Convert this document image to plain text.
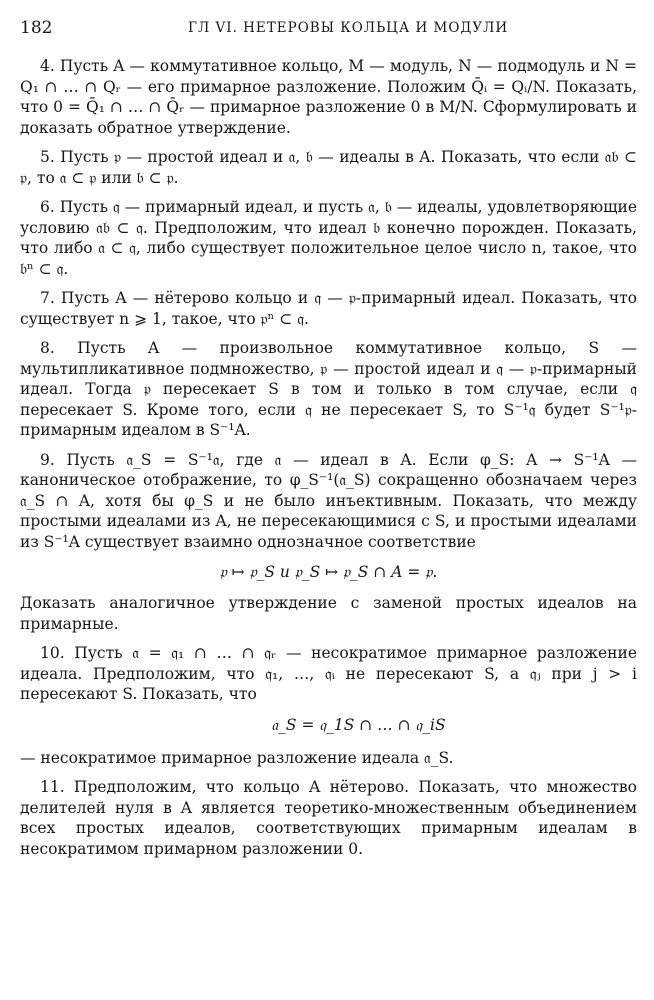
182	ГЛ VI. НЕТЕРОВЫ КОЛЬЦА И МОДУЛИ

4. Пусть A — коммутативное кольцо, M — модуль, N — подмодуль и N = Q₁ ∩ … ∩ Qᵣ — его примарное разложение. Положим Q̄ᵢ = Qᵢ/N. Показать, что 0 = Q̄₁ ∩ … ∩ Q̄ᵣ — примарное разложение 0 в M/N. Сформулировать и доказать обратное утверждение.

5. Пусть 𝔭 — простой идеал и 𝔞, 𝔟 — идеалы в A. Показать, что если 𝔞𝔟 ⊂ 𝔭, то 𝔞 ⊂ 𝔭 или 𝔟 ⊂ 𝔭.

6. Пусть 𝔮 — примарный идеал, и пусть 𝔞, 𝔟 — идеалы, удовлетворяющие условию 𝔞𝔟 ⊂ 𝔮. Предположим, что идеал 𝔟 конечно порожден. Показать, что либо 𝔞 ⊂ 𝔮, либо существует положительное целое число n, такое, что 𝔟ⁿ ⊂ 𝔮.

7. Пусть A — нётерово кольцо и 𝔮 — 𝔭-примарный идеал. Показать, что существует n ⩾ 1, такое, что 𝔭ⁿ ⊂ 𝔮.

8. Пусть A — произвольное коммутативное кольцо, S — мультипликативное подмножество, 𝔭 — простой идеал и 𝔮 — 𝔭-примарный идеал. Тогда 𝔭 пересекает S в том и только в том случае, если 𝔮 пересекает S. Кроме того, если 𝔮 не пересекает S, то S⁻¹𝔮 будет S⁻¹𝔭-примарным идеалом в S⁻¹A.

9. Пусть 𝔞_S = S⁻¹𝔞, где 𝔞 — идеал в A. Если φ_S: A → S⁻¹A — каноническое отображение, то φ_S⁻¹(𝔞_S) сокращенно обозначаем через 𝔞_S ∩ A, хотя бы φ_S и не было инъективным. Показать, что между простыми идеалами из A, не пересекающимися с S, и простыми идеалами из S⁻¹A существует взаимно однозначное соответствие

𝔭 ↦ 𝔭_S и 𝔭_S ↦ 𝔭_S ∩ A = 𝔭.

Доказать аналогичное утверждение с заменой простых идеалов на примарные.

10. Пусть 𝔞 = 𝔮₁ ∩ … ∩ 𝔮ᵣ — несократимое примарное разложение идеала. Предположим, что 𝔮₁, …, 𝔮ᵢ не пересекают S, а 𝔮ⱼ при j > i пересекают S. Показать, что

𝔞_S = 𝔮_1S ∩ … ∩ 𝔮_iS

— несократимое примарное разложение идеала 𝔞_S.

11. Предположим, что кольцо A нётерово. Показать, что множество делителей нуля в A является теоретико-множественным объединением всех простых идеалов, соответствующих примарным идеалам в несократимом примарном разложении 0.
